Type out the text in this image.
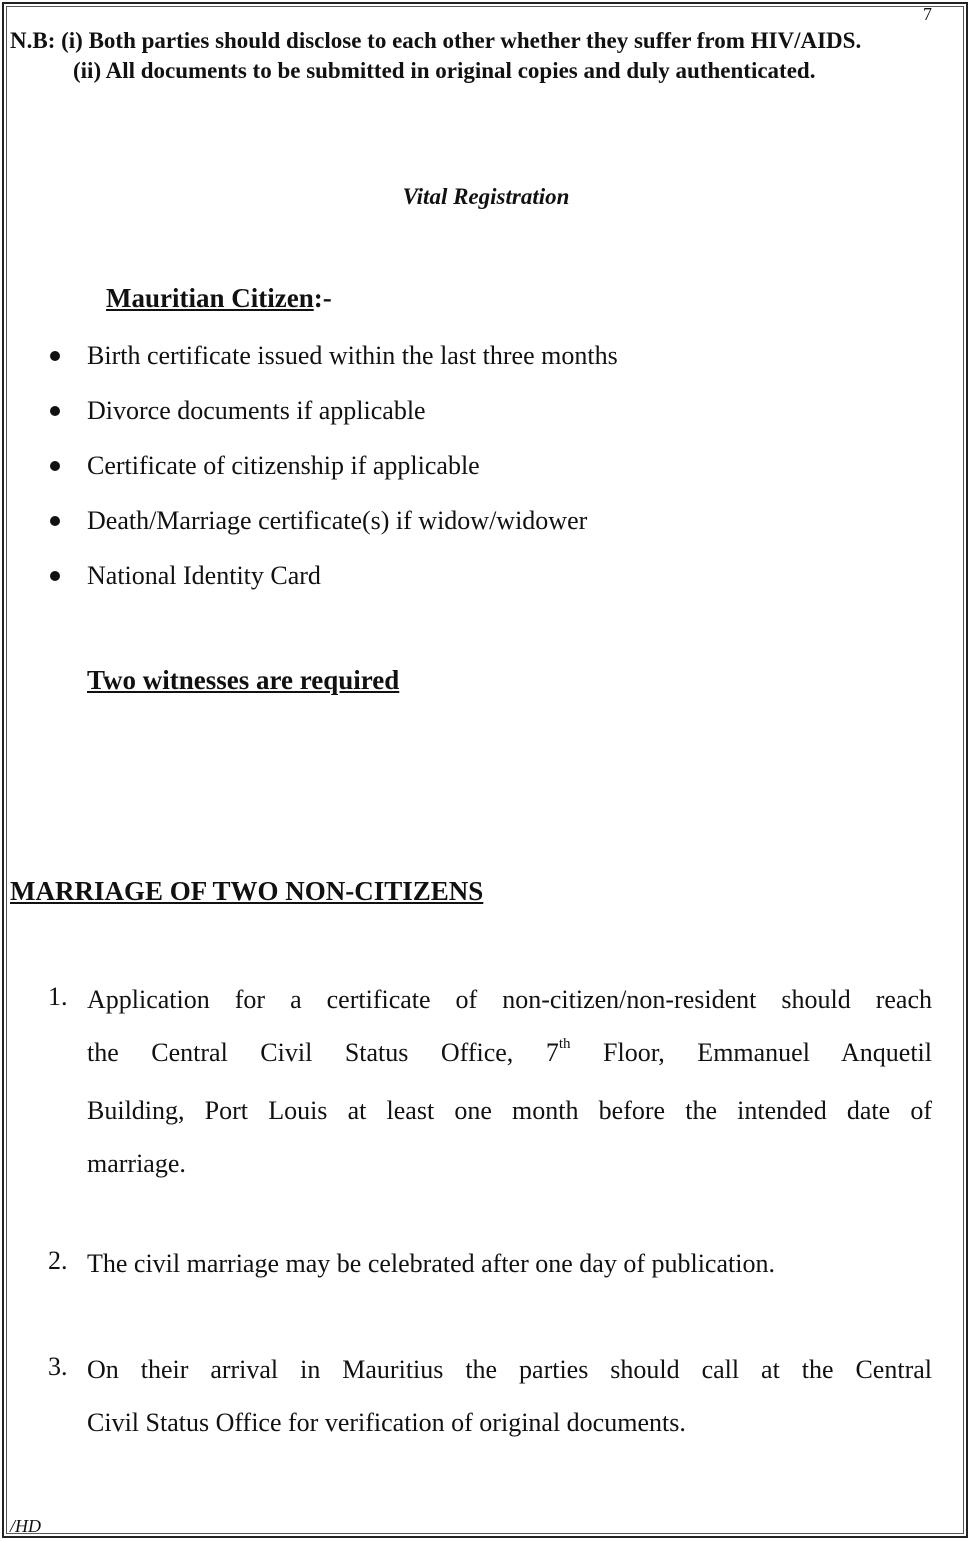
7
N.B: (i) Both parties should disclose to each other whether they suffer from HIV/AIDS.
(ii) All documents to be submitted in original copies and duly authenticated.
Vital Registration
Mauritian Citizen:-
Birth certificate issued within the last three months
Divorce documents if applicable
Certificate of citizenship if applicable
Death/Marriage certificate(s) if widow/widower
National Identity Card
Two witnesses are required
MARRIAGE OF TWO NON-CITIZENS
1. Application for a certificate of non-citizen/non-resident should reach
the Central Civil Status Office, 7th Floor, Emmanuel Anquetil
Building, Port Louis at least one month before the intended date of
marriage.
2. The civil marriage may be celebrated after one day of publication.
3. On their arrival in Mauritius the parties should call at the Central
Civil Status Office for verification of original documents.
/HD
